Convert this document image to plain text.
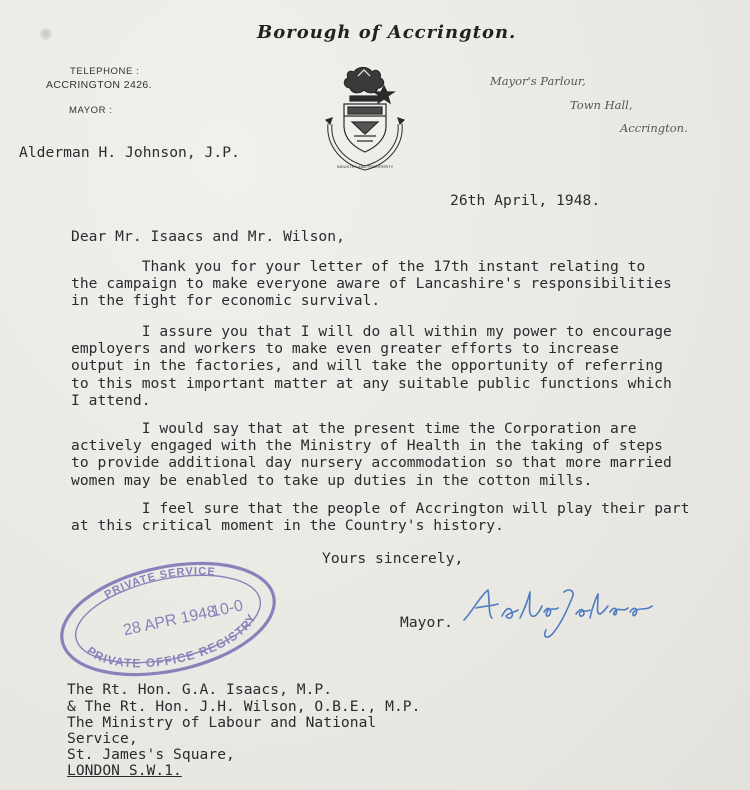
Borough of Accrington.
TELEPHONE :
ACCRINGTON 2426.
MAYOR :
INDUSTRY AND PROSPERITY
Mayor's Parlour,
Town Hall,
Accrington.
Alderman H. Johnson, J.P.
26th April, 1948.
Dear Mr. Isaacs and Mr. Wilson,
Thank you for your letter of the 17th instant relating to
the campaign to make everyone aware of Lancashire's responsibilities
in the fight for economic survival.
I assure you that I will do all within my power to encourage
employers and workers to make even greater efforts to increase
output in the factories, and will take the opportunity of referring
to this most important matter at any suitable public functions which
I attend.
I would say that at the present time the Corporation are
actively engaged with the Ministry of Health in the taking of steps
to provide additional day nursery accommodation so that more married
women may be enabled to take up duties in the cotton mills.
I feel sure that the people of Accrington will play their part
at this critical moment in the Country's history.
Yours sincerely,
Mayor.
PRIVATE SERVICE
PRIVATE OFFICE REGISTRY
28 APR 1948
10-0
The Rt. Hon. G.A. Isaacs, M.P.
& The Rt. Hon. J.H. Wilson, O.B.E., M.P.
The Ministry of Labour and National
Service,
St. James's Square,
LONDON S.W.1.
